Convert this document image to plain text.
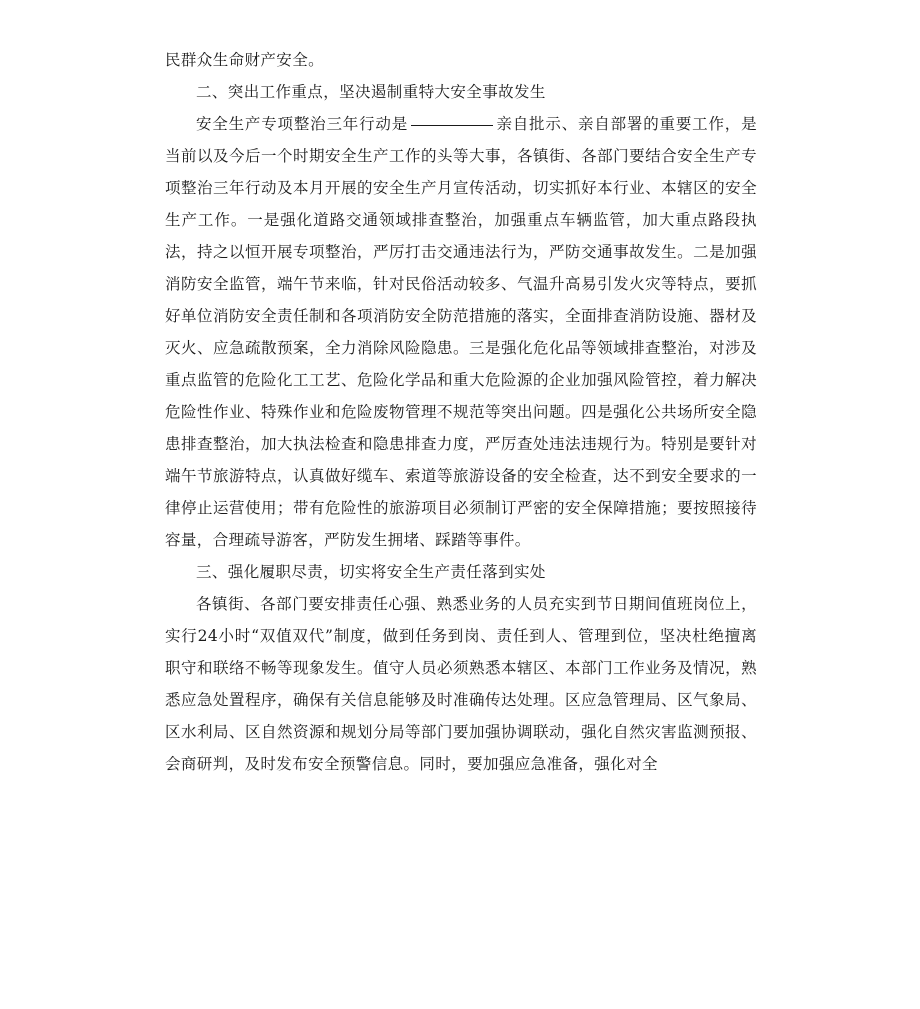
民群众生命财产安全。

二、突出工作重点，坚决遏制重特大安全事故发生

安全生产专项整治三年行动是	亲自批示、亲自部署的重要工作，是当前以及今后一个时期安全生产工作的头等大事，各镇街、各部门要结合安全生产专项整治三年行动及本月开展的安全生产月宣传活动，切实抓好本行业、本辖区的安全生产工作。一是强化道路交通领域排查整治，加强重点车辆监管，加大重点路段执法，持之以恒开展专项整治，严厉打击交通违法行为，严防交通事故发生。二是加强消防安全监管，端午节来临，针对民俗活动较多、气温升高易引发火灾等特点，要抓好单位消防安全责任制和各项消防安全防范措施的落实，全面排查消防设施、器材及灭火、应急疏散预案，全力消除风险隐患。三是强化危化品等领域排查整治，对涉及重点监管的危险化工工艺、危险化学品和重大危险源的企业加强风险管控，着力解决危险性作业、特殊作业和危险废物管理不规范等突出问题。四是强化公共场所安全隐患排查整治，加大执法检查和隐患排查力度，严厉查处违法违规行为。特别是要针对端午节旅游特点，认真做好缆车、索道等旅游设备的安全检查，达不到安全要求的一律停止运营使用；带有危险性的旅游项目必须制订严密的安全保障措施；要按照接待容量，合理疏导游客，严防发生拥堵、踩踏等事件。

三、强化履职尽责，切实将安全生产责任落到实处

各镇街、各部门要安排责任心强、熟悉业务的人员充实到节日期间值班岗位上，实行24小时“双值双代”制度，做到任务到岗、责任到人、管理到位，坚决杜绝擅离职守和联络不畅等现象发生。值守人员必须熟悉本辖区、本部门工作业务及情况，熟悉应急处置程序，确保有关信息能够及时准确传达处理。区应急管理局、区气象局、区水利局、区自然资源和规划分局等部门要加强协调联动，强化自然灾害监测预报、会商研判，及时发布安全预警信息。同时，要加强应急准备，强化对全
